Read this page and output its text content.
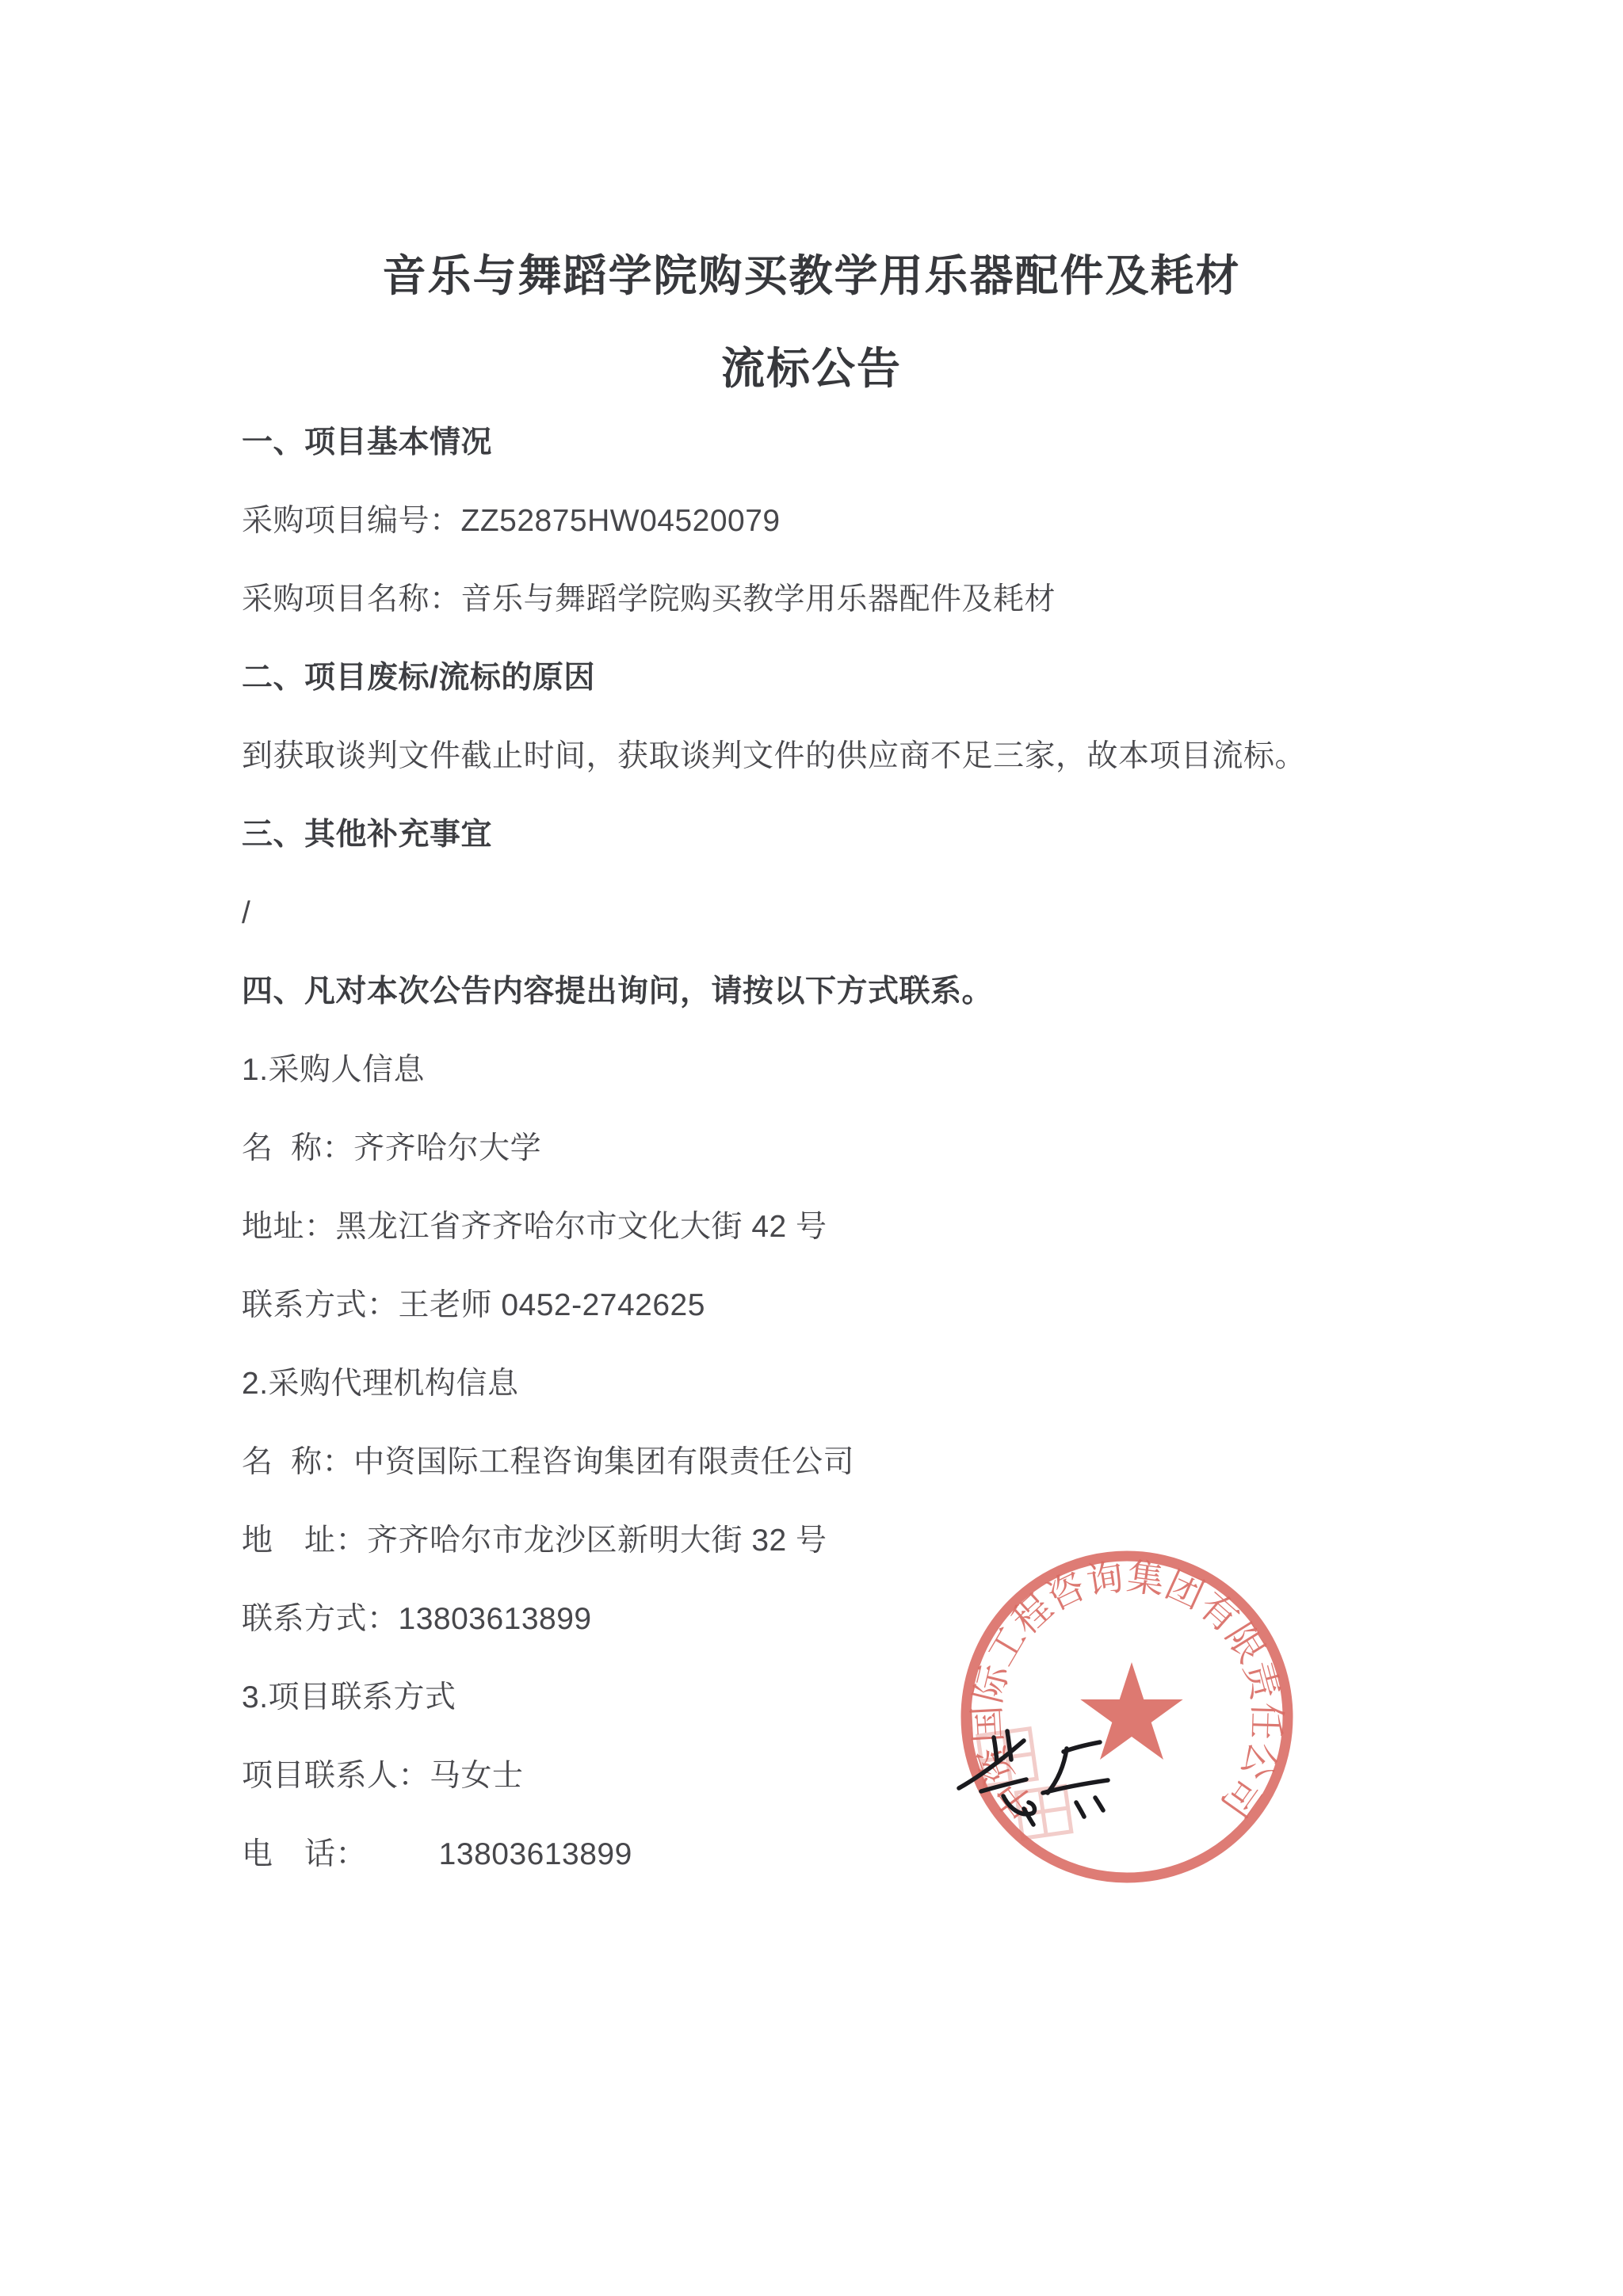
音乐与舞蹈学院购买教学用乐器配件及耗材
流标公告
一、项目基本情况
采购项目编号：ZZ52875HW04520079
采购项目名称：音乐与舞蹈学院购买教学用乐器配件及耗材
二、项目废标/流标的原因
到获取谈判文件截止时间，获取谈判文件的供应商不足三家，故本项目流标。
三、其他补充事宜
/
四、凡对本次公告内容提出询问，请按以下方式联系。
1.采购人信息
名  称：齐齐哈尔大学
地址：黑龙江省齐齐哈尔市文化大街 42 号
联系方式：王老师 0452-2742625
2.采购代理机构信息
名  称：中资国际工程咨询集团有限责任公司
地　址：齐齐哈尔市龙沙区新明大街 32 号
联系方式：13803613899
3.项目联系方式
项目联系人：马女士
电　话：        13803613899
中资国际工程咨询集团有限责任公司
